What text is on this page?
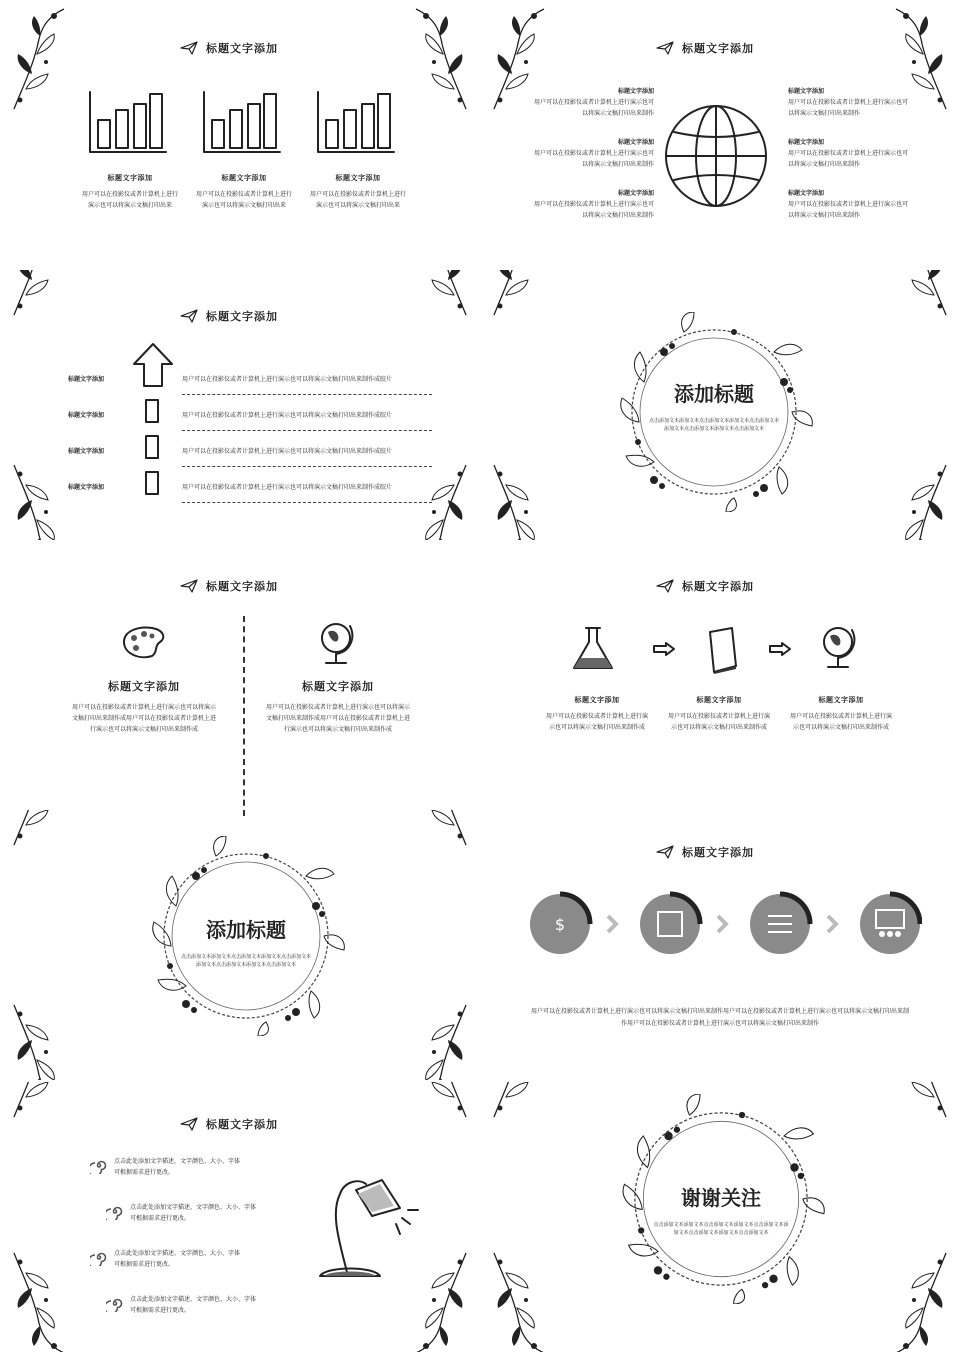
标题文字添加
标题文字添加
用户可以在投影仪或者计算机上进行演示也可以将演示文稿打印出来
标题文字添加
用户可以在投影仪或者计算机上进行演示也可以将演示文稿打印出来
标题文字添加
用户可以在投影仪或者计算机上进行演示也可以将演示文稿打印出来
标题文字添加
标题文字添加
用户可以在投影仪或者计算机上进行演示也可以将演示文稿打印出来制作
标题文字添加
用户可以在投影仪或者计算机上进行演示也可以将演示文稿打印出来制作
标题文字添加
用户可以在投影仪或者计算机上进行演示也可以将演示文稿打印出来制作
标题文字添加
用户可以在投影仪或者计算机上进行演示也可以将演示文稿打印出来制作
标题文字添加
用户可以在投影仪或者计算机上进行演示也可以将演示文稿打印出来制作
标题文字添加
用户可以在投影仪或者计算机上进行演示也可以将演示文稿打印出来制作
标题文字添加
标题文字添加	用户可以在投影仪或者计算机上进行演示也可以将演示文稿打印出来制作成胶片
标题文字添加	用户可以在投影仪或者计算机上进行演示也可以将演示文稿打印出来制作成胶片
标题文字添加	用户可以在投影仪或者计算机上进行演示也可以将演示文稿打印出来制作成胶片
标题文字添加	用户可以在投影仪或者计算机上进行演示也可以将演示文稿打印出来制作成胶片
添加标题
点击添加文本添加文本点击添加文本添加文本点击添加文本添加文本点击添加文本添加文本点击添加文本
标题文字添加
标题文字添加
用户可以在投影仪或者计算机上进行演示也可以将演示文稿打印出来制作成用户可以在投影仪或者计算机上进行演示也可以将演示文稿打印出来制作成
标题文字添加
用户可以在投影仪或者计算机上进行演示也可以将演示文稿打印出来制作成用户可以在投影仪或者计算机上进行演示也可以将演示文稿打印出来制作成
标题文字添加
标题文字添加
用户可以在投影仪或者计算机上进行演示也可以将演示文稿打印出来制作成
标题文字添加
用户可以在投影仪或者计算机上进行演示也可以将演示文稿打印出来制作成
标题文字添加
用户可以在投影仪或者计算机上进行演示也可以将演示文稿打印出来制作成
添加标题
点击添加文本添加文本点击添加文本添加文本点击添加文本添加文本点击添加文本添加文本点击添加文本
标题文字添加
$
用户可以在投影仪或者计算机上进行演示也可以将演示文稿打印出来制作用户可以在投影仪或者计算机上进行演示也可以将演示文稿打印出来制作用户可以在投影仪或者计算机上进行演示也可以将演示文稿打印出来制作
标题文字添加
点击此处添加文字描述，文字颜色、大小、字体可根据需求进行更改。
点击此处添加文字描述，文字颜色、大小、字体可根据需求进行更改。
点击此处添加文字描述，文字颜色、大小、字体可根据需求进行更改。
点击此处添加文字描述，文字颜色、大小、字体可根据需求进行更改。
谢谢关注
点击添加文本添加文本点击添加文本添加文本点击添加文本添加文本点击添加文本添加文本点击添加文本
